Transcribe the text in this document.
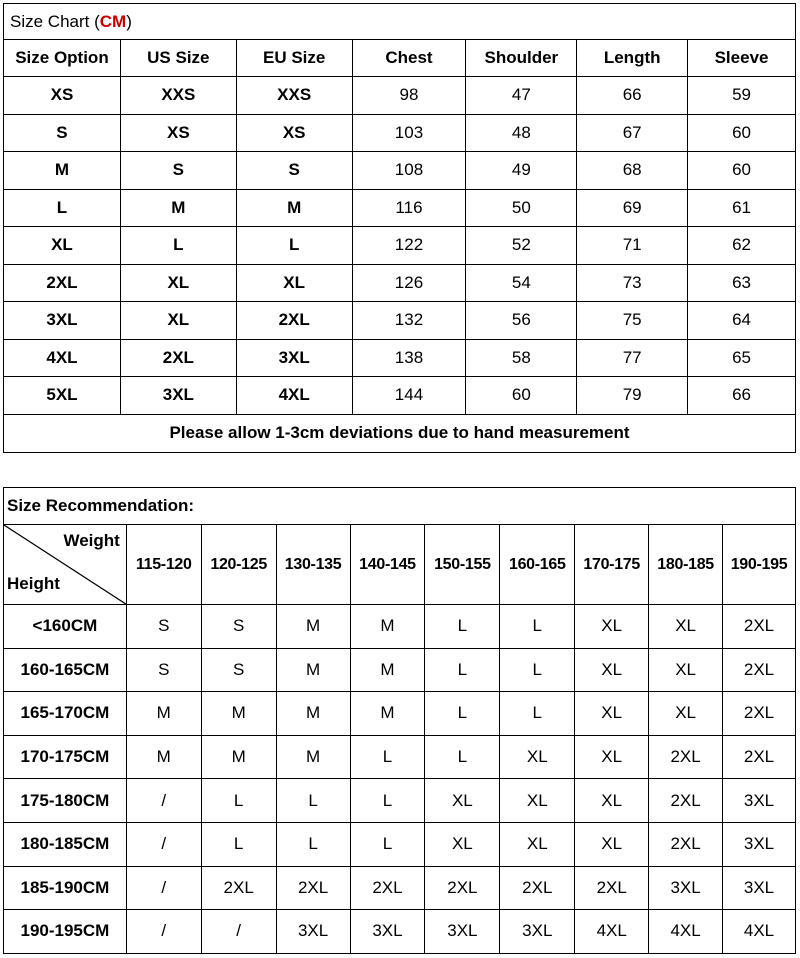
Size Chart (CM)						
Size Option	US Size	EU Size	Chest	Shoulder	Length	Sleeve
XS	XXS	XXS	98	47	66	59
S	XS	XS	103	48	67	60
M	S	S	108	49	68	60
L	M	M	116	50	69	61
XL	L	L	122	52	71	62
2XL	XL	XL	126	54	73	63
3XL	XL	2XL	132	56	75	64
4XL	2XL	3XL	138	58	77	65
5XL	3XL	4XL	144	60	79	66
Please allow 1-3cm deviations due to hand measurement						
Size Recommendation:									

Weight
Height	115-120	120-125	130-135	140-145	150-155	160-165	170-175	180-185	190-195
<160CM	S	S	M	M	L	L	XL	XL	2XL
160-165CM	S	S	M	M	L	L	XL	XL	2XL
165-170CM	M	M	M	M	L	L	XL	XL	2XL
170-175CM	M	M	M	L	L	XL	XL	2XL	2XL
175-180CM	/	L	L	L	XL	XL	XL	2XL	3XL
180-185CM	/	L	L	L	XL	XL	XL	2XL	3XL
185-190CM	/	2XL	2XL	2XL	2XL	2XL	2XL	3XL	3XL
190-195CM	/	/	3XL	3XL	3XL	3XL	4XL	4XL	4XL
